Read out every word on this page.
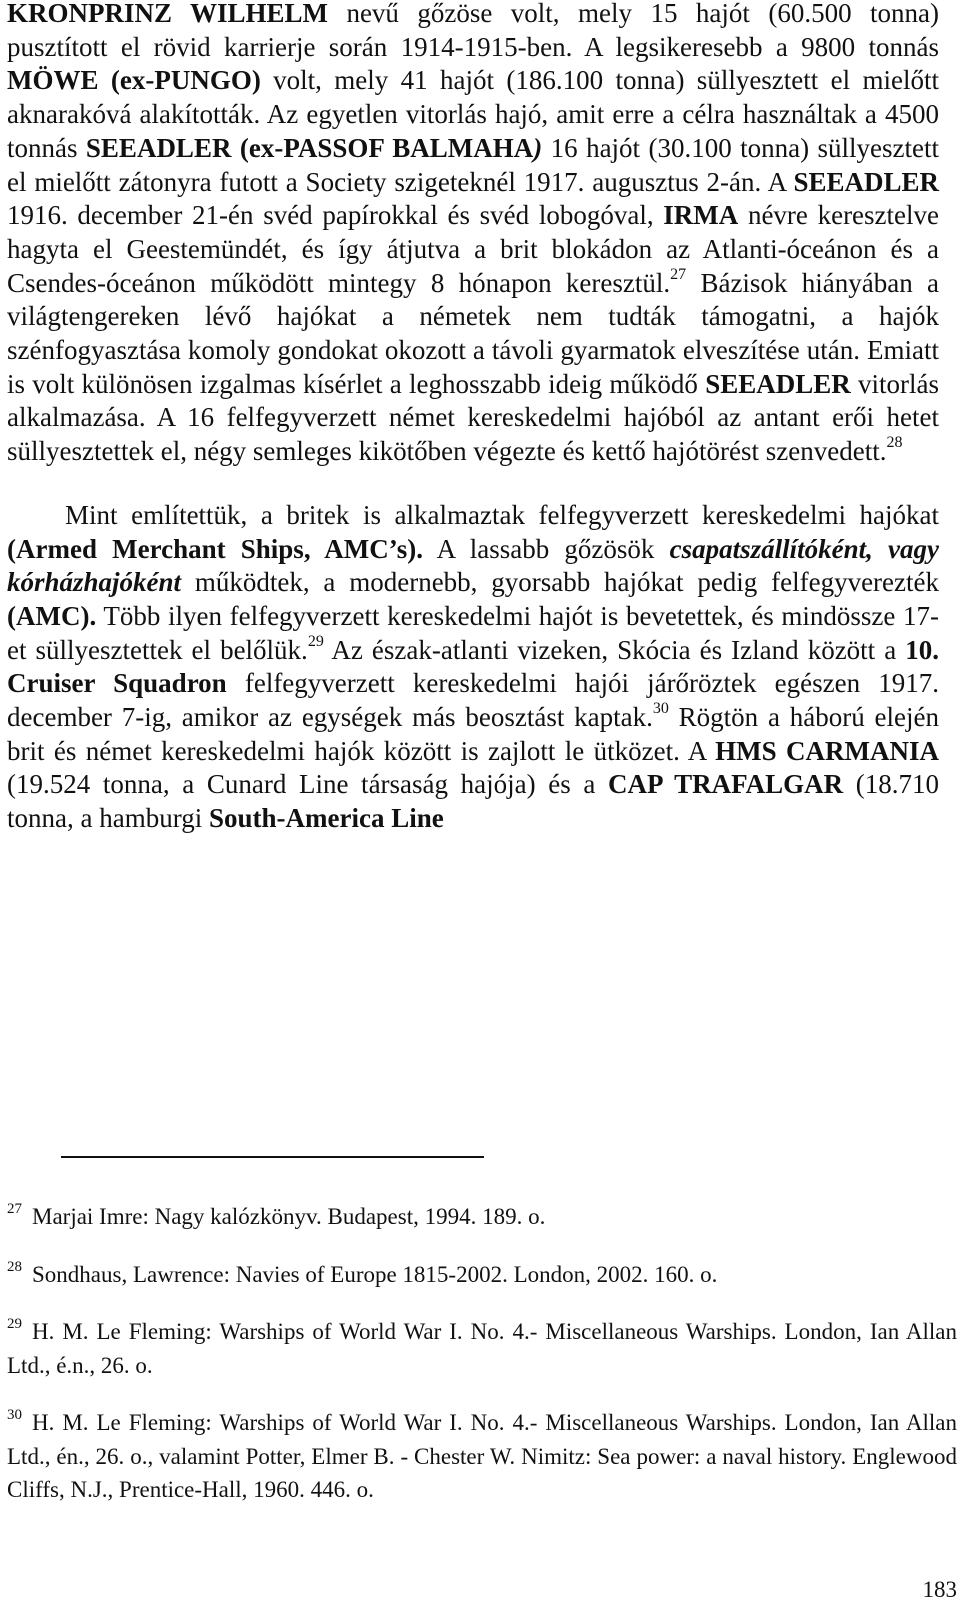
KRONPRINZ WILHELM nevű gőzöse volt, mely 15 hajót (60.500 tonna) pusztított el rövid karrierje során 1914-1915-ben. A legsikeresebb a 9800 tonnás MÖWE (ex-PUNGO) volt, mely 41 hajót (186.100 tonna) süllyesztett el mielőtt aknarakóvá alakították. Az egyetlen vitorlás hajó, amit erre a célra használtak a 4500 tonnás SEEADLER (ex-PASSOF BALMAHA) 16 hajót (30.100 tonna) süllyesztett el mielőtt zátonyra futott a Society szigeteknél 1917. augusztus 2-án. A SEEADLER 1916. december 21-én svéd papírokkal és svéd lobogóval, IRMA névre keresztelve hagyta el Geestemündét, és így átjutva a brit blokádon az Atlanti-óceánon és a Csendes-óceánon működött mintegy 8 hónapon keresztül.$^{27}$ Bázisok hiányában a világtengereken lévő hajókat a németek nem tudták támogatni, a hajók szénfogyasztása komoly gondokat okozott a távoli gyarmatok elveszítése után. Emiatt is volt különösen izgalmas kísérlet a leghosszabb ideig működő SEEADLER vitorlás alkalmazása. A 16 felfegyverzett német kereskedelmi hajóból az antant erői hetet süllyesztettek el, négy semleges kikötőben végezte és kettő hajótörést szenvedett.$^{28}$

Mint említettük, a britek is alkalmaztak felfegyverzett kereskedelmi hajókat (Armed Merchant Ships, AMC’s). A lassabb gőzösök csapatszállítóként, vagy kórházhajóként működtek, a modernebb, gyorsabb hajókat pedig felfegyverezték (AMC). Több ilyen felfegyverzett kereskedelmi hajót is bevetettek, és mindössze 17-et süllyesztettek el belőlük.$^{29}$ Az észak-atlanti vizeken, Skócia és Izland között a 10. Cruiser Squadron felfegyverzett kereskedelmi hajói járőröztek egészen 1917. december 7-ig, amikor az egységek más beosztást kaptak.$^{30}$ Rögtön a háború elején brit és német kereskedelmi hajók között is zajlott le ütközet. A HMS CARMANIA (19.524 tonna, a Cunard Line társaság hajója) és a CAP TRAFALGAR (18.710 tonna, a hamburgi South-America Line

$^{27}$ Marjai Imre: Nagy kalózkönyv. Budapest, 1994. 189. o.

$^{28}$ Sondhaus, Lawrence: Navies of Europe 1815-2002. London, 2002. 160. o.

$^{29}$ H. M. Le Fleming: Warships of World War I. No. 4.- Miscellaneous Warships. London, Ian Allan Ltd., é.n., 26. o.

$^{30}$ H. M. Le Fleming: Warships of World War I. No. 4.- Miscellaneous Warships. London, Ian Allan Ltd., én., 26. o., valamint Potter, Elmer B. - Chester W. Nimitz: Sea power: a naval history. Englewood Cliffs, N.J., Prentice-Hall, 1960. 446. o.

183
